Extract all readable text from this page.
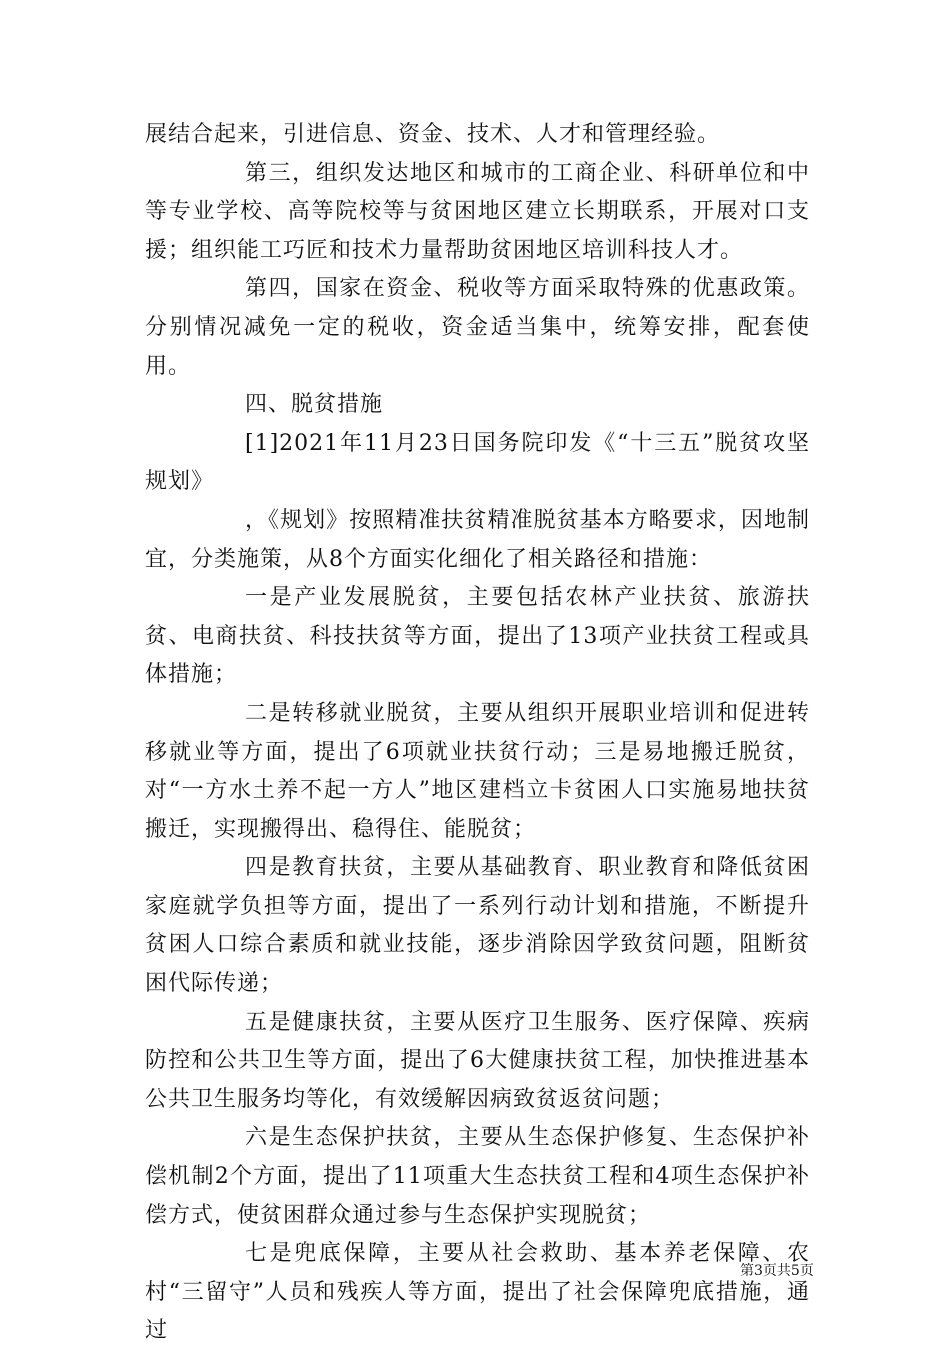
展结合起来，引进信息、资金、技术、人才和管理经验。

第三，组织发达地区和城市的工商企业、科研单位和中等专业学校、高等院校等与贫困地区建立长期联系，开展对口支援；组织能工巧匠和技术力量帮助贫困地区培训科技人才。

第四，国家在资金、税收等方面采取特殊的优惠政策。分别情况减免一定的税收，资金适当集中，统筹安排，配套使用。

四、脱贫措施

[1]2021年11月23日国务院印发《“十三五”脱贫攻坚规划》

，《规划》按照精准扶贫精准脱贫基本方略要求，因地制宜，分类施策，从8个方面实化细化了相关路径和措施：

一是产业发展脱贫，主要包括农林产业扶贫、旅游扶贫、电商扶贫、科技扶贫等方面，提出了13项产业扶贫工程或具体措施；

二是转移就业脱贫，主要从组织开展职业培训和促进转移就业等方面，提出了6项就业扶贫行动；三是易地搬迁脱贫，对“一方水土养不起一方人”地区建档立卡贫困人口实施易地扶贫搬迁，实现搬得出、稳得住、能脱贫；

四是教育扶贫，主要从基础教育、职业教育和降低贫困家庭就学负担等方面，提出了一系列行动计划和措施，不断提升贫困人口综合素质和就业技能，逐步消除因学致贫问题，阻断贫困代际传递；

五是健康扶贫，主要从医疗卫生服务、医疗保障、疾病防控和公共卫生等方面，提出了6大健康扶贫工程，加快推进基本公共卫生服务均等化，有效缓解因病致贫返贫问题；

六是生态保护扶贫，主要从生态保护修复、生态保护补偿机制2个方面，提出了11项重大生态扶贫工程和4项生态保护补偿方式，使贫困群众通过参与生态保护实现脱贫；

七是兜底保障，主要从社会救助、基本养老保障、农村“三留守”人员和残疾人等方面，提出了社会保障兜底措施，通过

第3页共5页
